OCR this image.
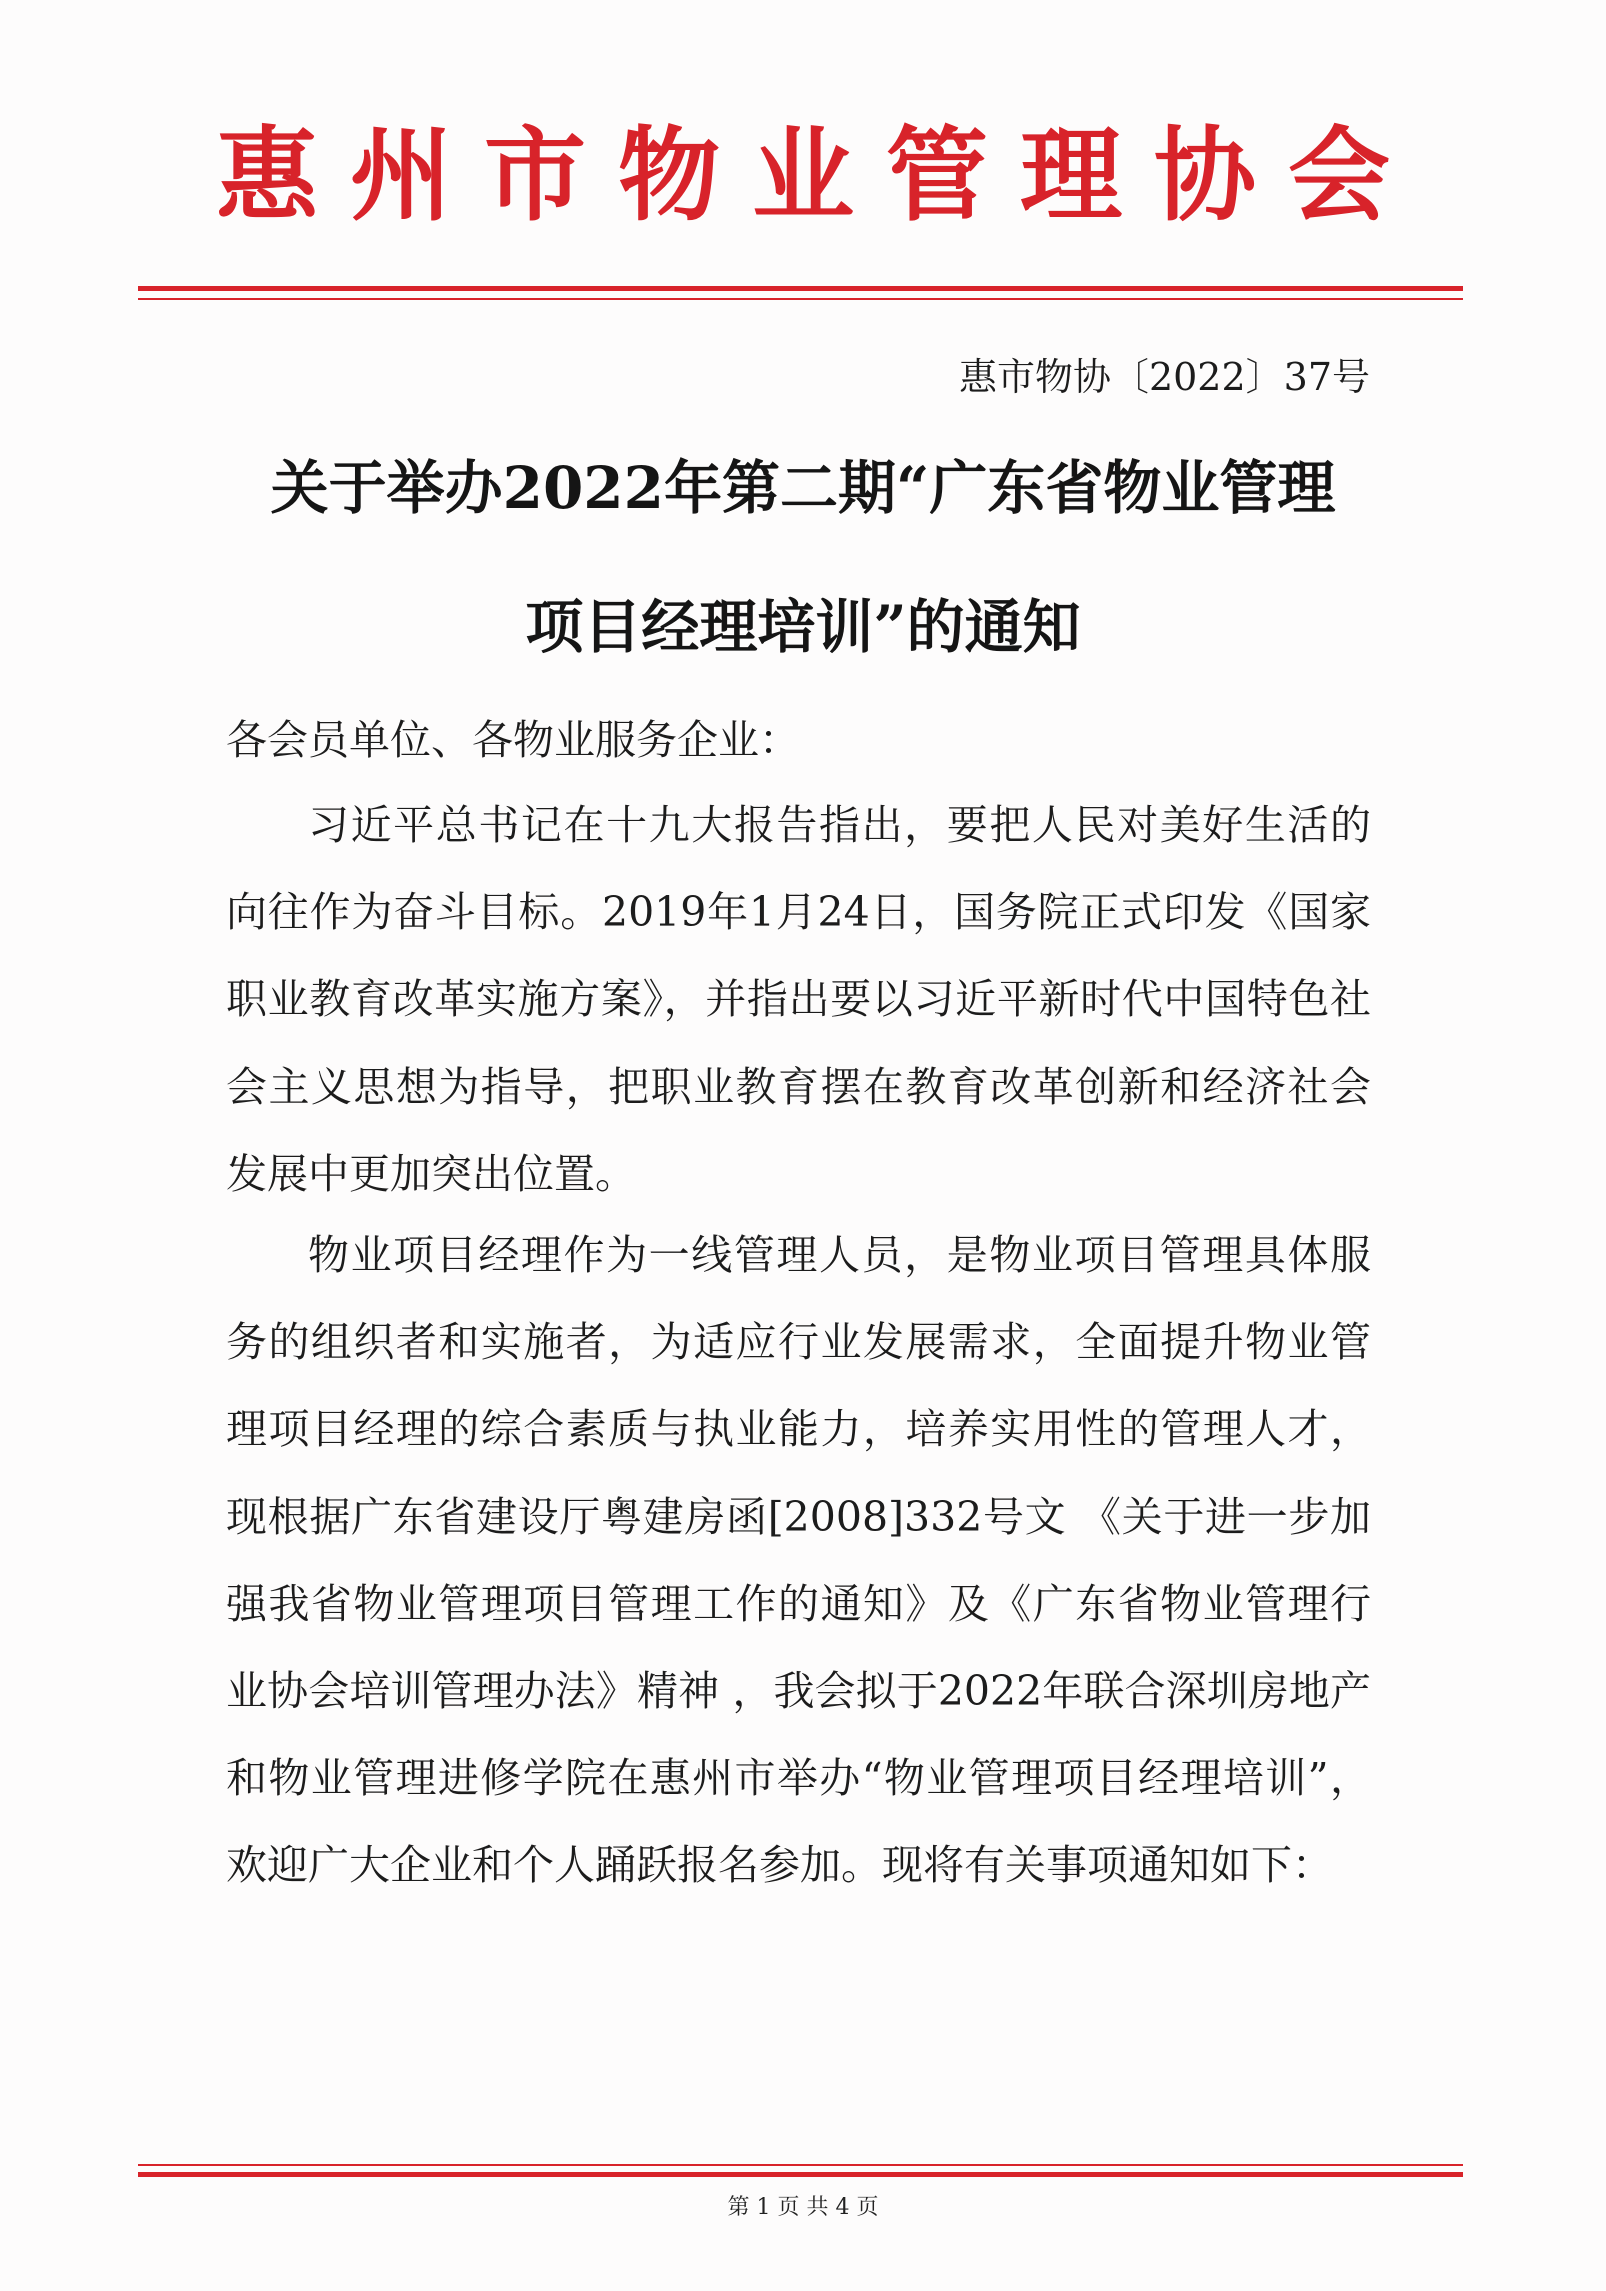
惠州市物业管理协会
惠市物协〔2022〕37号
关于举办2022年第二期“广东省物业管理
项目经理培训”的通知
各会员单位、各物业服务企业：

习近平总书记在十九大报告指出，要把人民对美好生活的向往作为奋斗目标。2019年1月24日，国务院正式印发《国家职业教育改革实施方案》，并指出要以习近平新时代中国特色社会主义思想为指导，把职业教育摆在教育改革创新和经济社会发展中更加突出位置。

物业项目经理作为一线管理人员，是物业项目管理具体服务的组织者和实施者，为适应行业发展需求，全面提升物业管理项目经理的综合素质与执业能力，培养实用性的管理人才，现根据广东省建设厅粤建房函[2008]332号文 《关于进一步加强我省物业管理项目管理工作的通知》及《广东省物业管理行业协会培训管理办法》精神 ，我会拟于2022年联合深圳房地产和物业管理进修学院在惠州市举办“物业管理项目经理培训”，欢迎广大企业和个人踊跃报名参加。现将有关事项通知如下：

第 1 页 共 4 页
